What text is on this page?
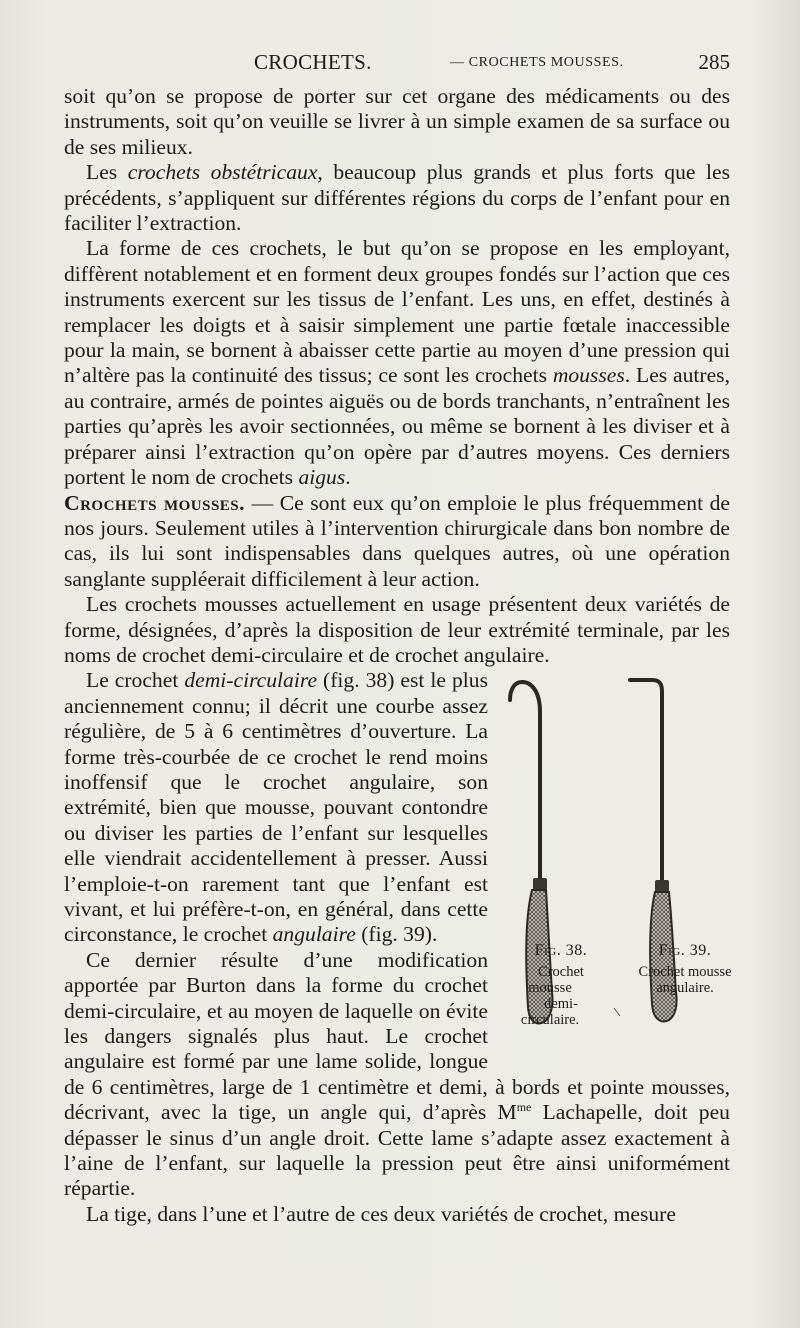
CROCHETS.	— CROCHETS MOUSSES.	285

soit qu’on se propose de porter sur cet organe des médicaments ou des instruments, soit qu’on veuille se livrer à un simple examen de sa surface ou de ses milieux.

Les crochets obstétricaux, beaucoup plus grands et plus forts que les précédents, s’appliquent sur différentes régions du corps de l’enfant pour en faciliter l’extraction.

La forme de ces crochets, le but qu’on se propose en les employant, diffèrent notablement et en forment deux groupes fondés sur l’action que ces instruments exercent sur les tissus de l’enfant. Les uns, en effet, destinés à remplacer les doigts et à saisir simplement une partie fœtale inaccessible pour la main, se bornent à abaisser cette partie au moyen d’une pression qui n’altère pas la continuité des tissus; ce sont les crochets mousses. Les autres, au contraire, armés de pointes aiguës ou de bords tranchants, n’entraînent les parties qu’après les avoir sectionnées, ou même se bornent à les diviser et à préparer ainsi l’extraction qu’on opère par d’autres moyens. Ces derniers portent le nom de crochets aigus.

Crochets mousses. — Ce sont eux qu’on emploie le plus fréquemment de nos jours. Seulement utiles à l’intervention chirurgicale dans bon nombre de cas, ils lui sont indispensables dans quelques autres, où une opération sanglante suppléerait difficilement à leur action.

Les crochets mousses actuellement en usage présentent deux variétés de forme, désignées, d’après la disposition de leur extrémité terminale, par les noms de crochet demi-circulaire et de crochet angulaire.

Fig. 38.
Crochet mousse
demi-circulaire.
Fig. 39.
Crochet mousse
angulaire.
Le crochet demi-circulaire (fig. 38) est le plus anciennement connu; il décrit une courbe assez régulière, de 5 à 6 centimètres d’ouverture. La forme très-courbée de ce crochet le rend moins inoffensif que le crochet angulaire, son extrémité, bien que mousse, pouvant contondre ou diviser les parties de l’enfant sur lesquelles elle viendrait accidentellement à presser. Aussi l’emploie-t-on rarement tant que l’enfant est vivant, et lui préfère-t-on, en général, dans cette circonstance, le crochet angulaire (fig. 39).

Ce dernier résulte d’une modification apportée par Burton dans la forme du crochet demi-circulaire, et au moyen de laquelle on évite les dangers signalés plus haut. Le crochet angulaire est formé par une lame solide, longue de 6 centimètres, large de 1 centimètre et demi, à bords et pointe mousses, décrivant, avec la tige, un angle qui, d’après $M^{me}$ Lachapelle, doit peu dépasser le sinus d’un angle droit. Cette lame s’adapte assez exactement à l’aine de l’enfant, sur laquelle la pression peut être ainsi uniformément répartie.

La tige, dans l’une et l’autre de ces deux variétés de crochet, mesure
